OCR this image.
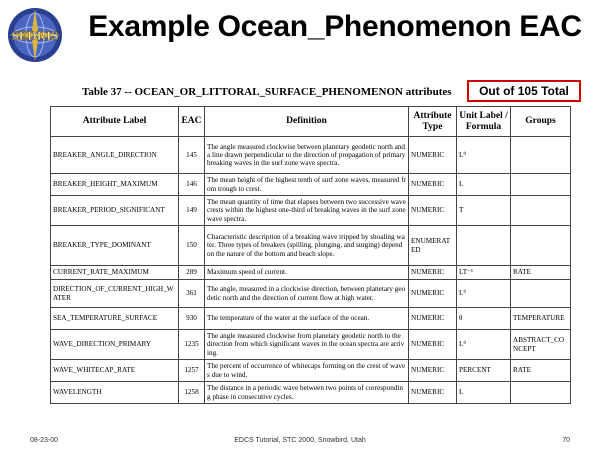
SEDRIS Example Ocean_Phenomenon EAC
Out of 105 Total
Table 37 -- OCEAN_OR_LITTORAL_SURFACE_PHENOMENON attributes
Attribute Label	EAC	Definition	Attribute Type	Unit Label / Formula	Groups
BREAKER_ANGLE_DIRECTION	145	The angle measured clockwise between planetary geodetic north and a line drawn perpendicular to the direction of propagation of primary breaking waves in the surf zone wave spectra.	NUMERIC	L⁰	
BREAKER_HEIGHT_MAXIMUM	146	The mean height of the highest tenth of surf zone waves, measured from trough to crest.	NUMERIC	L	
BREAKER_PERIOD_SIGNIFICANT	149	The mean quantity of time that elapses between two successive wave crests within the highest one-third of breaking waves in the surf zone wave spectra.	NUMERIC	T	
BREAKER_TYPE_DOMINANT	150	Characteristic description of a breaking wave tripped by shoaling water. Three types of breakers (spilling, plunging, and surging) depend on the nature of the bottom and beach slope.	ENUMERATED		
CURRENT_RATE_MAXIMUM	289	Maximum speed of current.	NUMERIC	LT⁻¹	RATE
DIRECTION_OF_CURRENT_HIGH_WATER	361	The angle, measured in a clockwise direction, between planetary geodetic north and the direction of current flow at high water.	NUMERIC	L⁰	
SEA_TEMPERATURE_SURFACE	930	The temperature of the water at the surface of the ocean.	NUMERIC	θ	TEMPERATURE
WAVE_DIRECTION_PRIMARY	1235	The angle measured clockwise from planetary geodetic north to the direction from which significant waves in the ocean spectra are arriving.	NUMERIC	L⁰	ABSTRACT_CONCEPT
WAVE_WHITECAP_RATE	1257	The percent of occurrence of whitecaps forming on the crest of waves due to wind.	NUMERIC	PERCENT	RATE
WAVELENGTH	1258	The distance in a periodic wave between two points of corresponding phase in consecutive cycles.	NUMERIC	L	
08-23-00	EDCS Tutorial, STC 2000, Snowbird, Utah	70
